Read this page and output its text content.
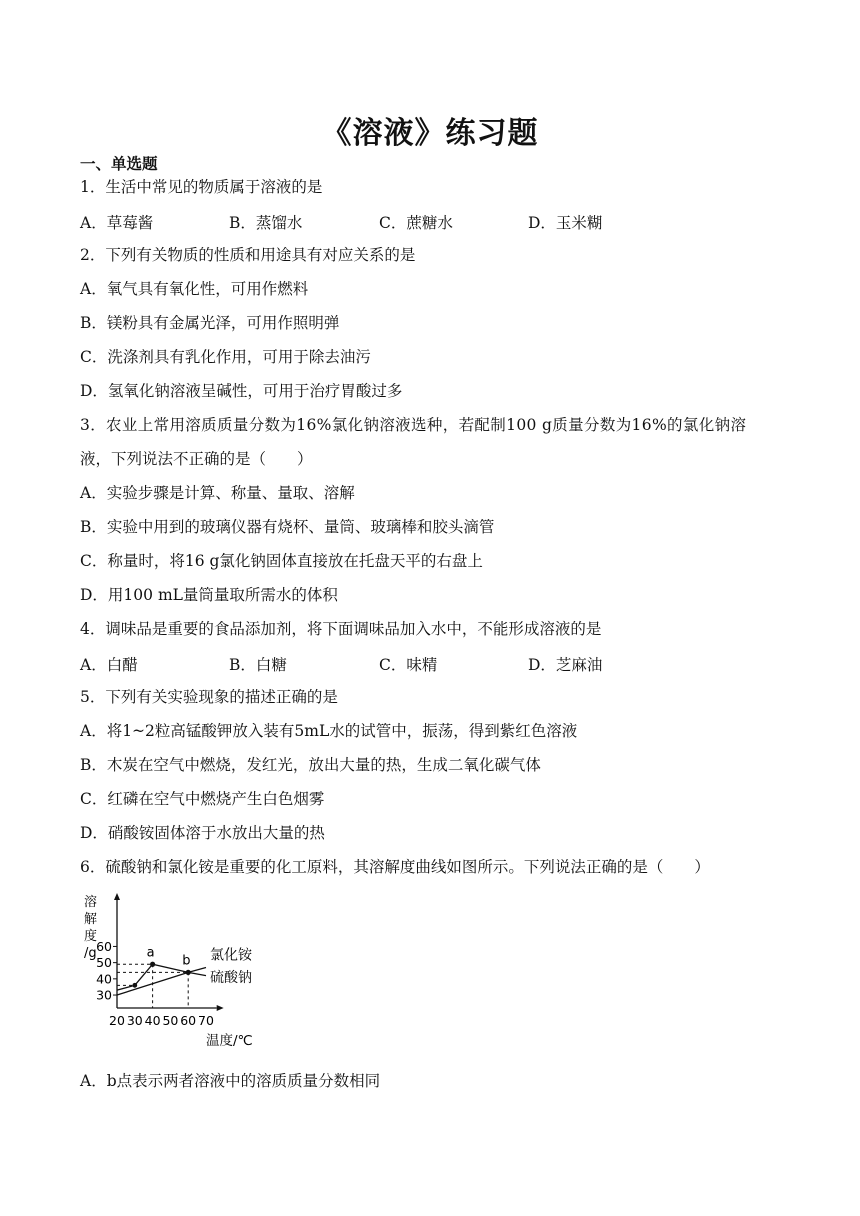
《溶液》练习题
一、单选题
1．生活中常见的物质属于溶液的是
A．草莓酱	B．蒸馏水	C．蔗糖水	D．玉米糊
2．下列有关物质的性质和用途具有对应关系的是
A．氧气具有氧化性，可用作燃料
B．镁粉具有金属光泽，可用作照明弹
C．洗涤剂具有乳化作用，可用于除去油污
D．氢氧化钠溶液呈碱性，可用于治疗胃酸过多
3．农业上常用溶质质量分数为16%氯化钠溶液选种，若配制100 g质量分数为16%的氯化钠溶
液，下列说法不正确的是（　　）
A．实验步骤是计算、称量、量取、溶解
B．实验中用到的玻璃仪器有烧杯、量筒、玻璃棒和胶头滴管
C．称量时，将16 g氯化钠固体直接放在托盘天平的右盘上
D．用100 mL量筒量取所需水的体积
4．调味品是重要的食品添加剂，将下面调味品加入水中，不能形成溶液的是
A．白醋	B．白糖	C．味精	D．芝麻油
5．下列有关实验现象的描述正确的是
A．将1~2粒高锰酸钾放入装有5mL水的试管中，振荡，得到紫红色溶液
B．木炭在空气中燃烧，发红光，放出大量的热，生成二氧化碳气体
C．红磷在空气中燃烧产生白色烟雾
D．硝酸铵固体溶于水放出大量的热
6．硫酸钠和氯化铵是重要的化工原料，其溶解度曲线如图所示。下列说法正确的是（　　）
溶
解
度
/g
温度/℃
30
40
50
60
20 30 40 50 60 70
氯化铵
硫酸钠
a
b
A．b点表示两者溶液中的溶质质量分数相同
